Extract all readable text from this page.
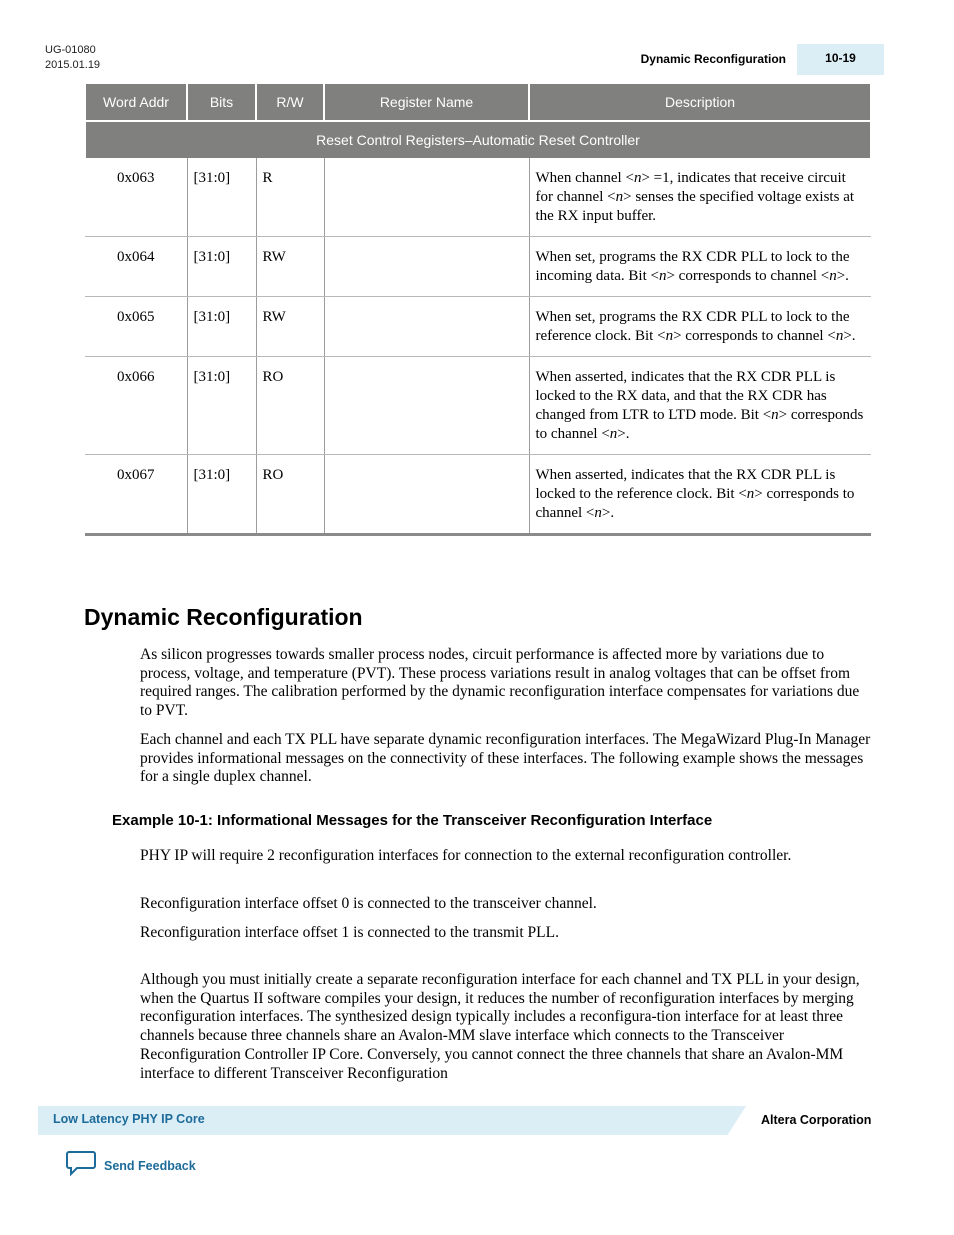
UG-01080
2015.01.19	Dynamic Reconfiguration	10-19
Word Addr	Bits	R/W	Register Name	Description
Reset Control Registers–Automatic Reset Controller				
0x063	[31:0]	R		When channel <n> =1, indicates that receive circuit for channel <n> senses the specified voltage exists at the RX input buffer.
0x064	[31:0]	RW		When set, programs the RX CDR PLL to lock to the incoming data. Bit <n> corresponds to channel <n>.
0x065	[31:0]	RW		When set, programs the RX CDR PLL to lock to the reference clock. Bit <n> corresponds to channel <n>.
0x066	[31:0]	RO		When asserted, indicates that the RX CDR PLL is locked to the RX data, and that the RX CDR has changed from LTR to LTD mode. Bit <n> corresponds to channel <n>.
0x067	[31:0]	RO		When asserted, indicates that the RX CDR PLL is locked to the reference clock. Bit <n> corresponds to channel <n>.
Dynamic Reconfiguration

As silicon progresses towards smaller process nodes, circuit performance is affected more by variations due to process, voltage, and temperature (PVT). These process variations result in analog voltages that can be offset from required ranges. The calibration performed by the dynamic reconfiguration interface compensates for variations due to PVT.

Each channel and each TX PLL have separate dynamic reconfiguration interfaces. The MegaWizard Plug-In Manager provides informational messages on the connectivity of these interfaces. The following example shows the messages for a single duplex channel.

Example 10-1: Informational Messages for the Transceiver Reconfiguration Interface

PHY IP will require 2 reconfiguration interfaces for connection to the external reconfiguration controller.

Reconfiguration interface offset 0 is connected to the transceiver channel.

Reconfiguration interface offset 1 is connected to the transmit PLL.

Although you must initially create a separate reconfiguration interface for each channel and TX PLL in your design, when the Quartus II software compiles your design, it reduces the number of reconfiguration interfaces by merging reconfiguration interfaces. The synthesized design typically includes a reconfigura-tion interface for at least three channels because three channels share an Avalon-MM slave interface which connects to the Transceiver Reconfiguration Controller IP Core. Conversely, you cannot connect the three channels that share an Avalon-MM interface to different Transceiver Reconfiguration

Low Latency PHY IP Core	Altera Corporation
Send Feedback
